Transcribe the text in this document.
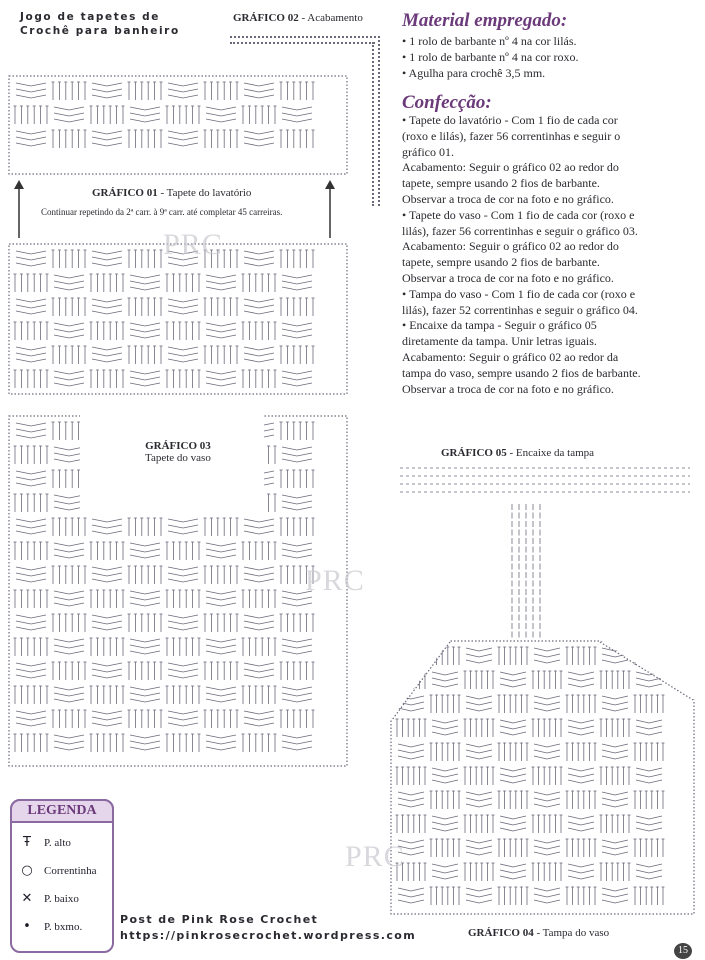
Jogo de tapetes de
Crochê para banheiro
GRÁFICO 02 - Acabamento
GRÁFICO 01 - Tapete do lavatório
Continuar repetindo da 2ª carr. à 9ª carr. até completar 45 carreiras.
PRC
GRÁFICO 03
Tapete do vaso
PRC
Material empregado:
• 1 rolo de barbante nº 4 na cor lilás.
• 1 rolo de barbante nº 4 na cor roxo.
• Agulha para crochê 3,5 mm.
Confecção:
• Tapete do lavatório - Com 1 fio de cada cor
(roxo e lilás), fazer 56 correntinhas e seguir o
gráfico 01.
Acabamento: Seguir o gráfico 02 ao redor do
tapete, sempre usando 2 fios de barbante.
Observar a troca de cor na foto e no gráfico.
• Tapete do vaso - Com 1 fio de cada cor (roxo e
lilás), fazer 56 correntinhas e seguir o gráfico 03.
Acabamento: Seguir o gráfico 02 ao redor do
tapete, sempre usando 2 fios de barbante.
Observar a troca de cor na foto e no gráfico.
• Tampa do vaso - Com 1 fio de cada cor (roxo e
lilás), fazer 52 correntinhas e seguir o gráfico 04.
• Encaixe da tampa - Seguir o gráfico 05
diretamente da tampa. Unir letras iguais.
Acabamento: Seguir o gráfico 02 ao redor da
tampa do vaso, sempre usando 2 fios de barbante.
Observar a troca de cor na foto e no gráfico.
GRÁFICO 05 - Encaixe da tampa
PRC
GRÁFICO 04 - Tampa do vaso
LEGENDA
Ŧ P. alto
○ Correntinha
✕ P. baixo
• P. bxmo.
Post de Pink Rose Crochet
https://pinkrosecrochet.wordpress.com
15
